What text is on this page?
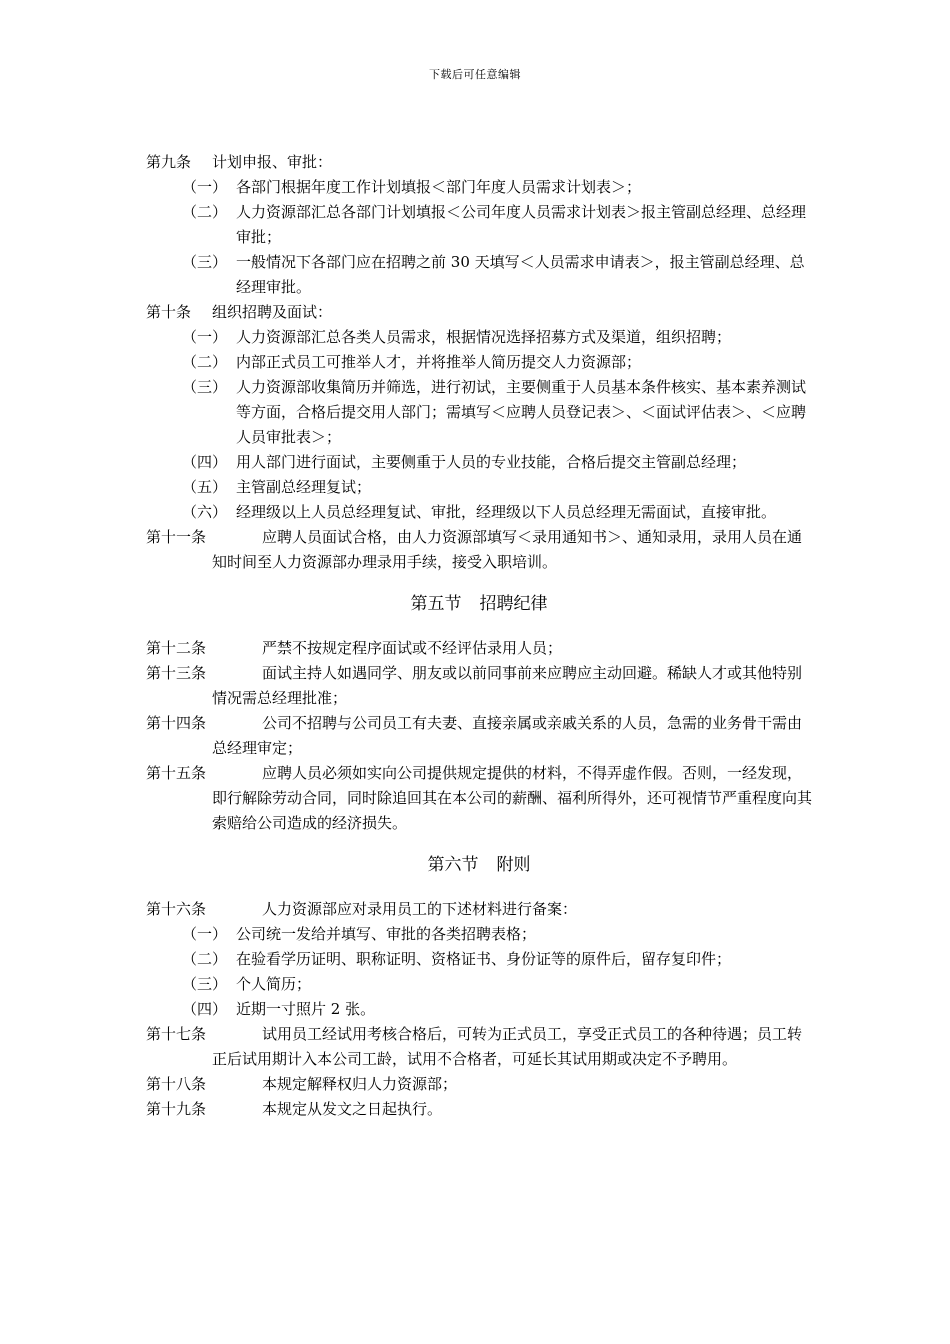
下载后可任意编辑

第九条 计划申报、审批：

（一） 各部门根据年度工作计划填报＜部门年度人员需求计划表＞；

（二） 人力资源部汇总各部门计划填报＜公司年度人员需求计划表＞报主管副总经理、总经理审批；

（三） 一般情况下各部门应在招聘之前 30 天填写＜人员需求申请表＞，报主管副总经理、总经理审批。

第十条 组织招聘及面试：

（一） 人力资源部汇总各类人员需求，根据情况选择招募方式及渠道，组织招聘；

（二） 内部正式员工可推举人才，并将推举人简历提交人力资源部；

（三） 人力资源部收集简历并筛选，进行初试，主要侧重于人员基本条件核实、基本素养测试等方面，合格后提交用人部门；需填写＜应聘人员登记表＞、＜面试评估表＞、＜应聘人员审批表＞；

（四） 用人部门进行面试，主要侧重于人员的专业技能，合格后提交主管副总经理；

（五） 主管副总经理复试；

（六） 经理级以上人员总经理复试、审批，经理级以下人员总经理无需面试，直接审批。

第十一条	应聘人员面试合格，由人力资源部填写＜录用通知书＞、通知录用，录用人员在通知时间至人力资源部办理录用手续，接受入职培训。

第五节 招聘纪律

第十二条	严禁不按规定程序面试或不经评估录用人员；

第十三条	面试主持人如遇同学、朋友或以前同事前来应聘应主动回避。稀缺人才或其他特别情况需总经理批准；

第十四条	公司不招聘与公司员工有夫妻、直接亲属或亲戚关系的人员，急需的业务骨干需由总经理审定；

第十五条	应聘人员必须如实向公司提供规定提供的材料，不得弄虚作假。否则，一经发现，即行解除劳动合同，同时除追回其在本公司的薪酬、福利所得外，还可视情节严重程度向其索赔给公司造成的经济损失。

第六节 附则

第十六条	人力资源部应对录用员工的下述材料进行备案：

（一） 公司统一发给并填写、审批的各类招聘表格；

（二） 在验看学历证明、职称证明、资格证书、身份证等的原件后，留存复印件；

（三） 个人简历；

（四） 近期一寸照片 2 张。

第十七条	试用员工经试用考核合格后，可转为正式员工，享受正式员工的各种待遇；员工转正后试用期计入本公司工龄，试用不合格者，可延长其试用期或决定不予聘用。

第十八条	本规定解释权归人力资源部；

第十九条	本规定从发文之日起执行。
